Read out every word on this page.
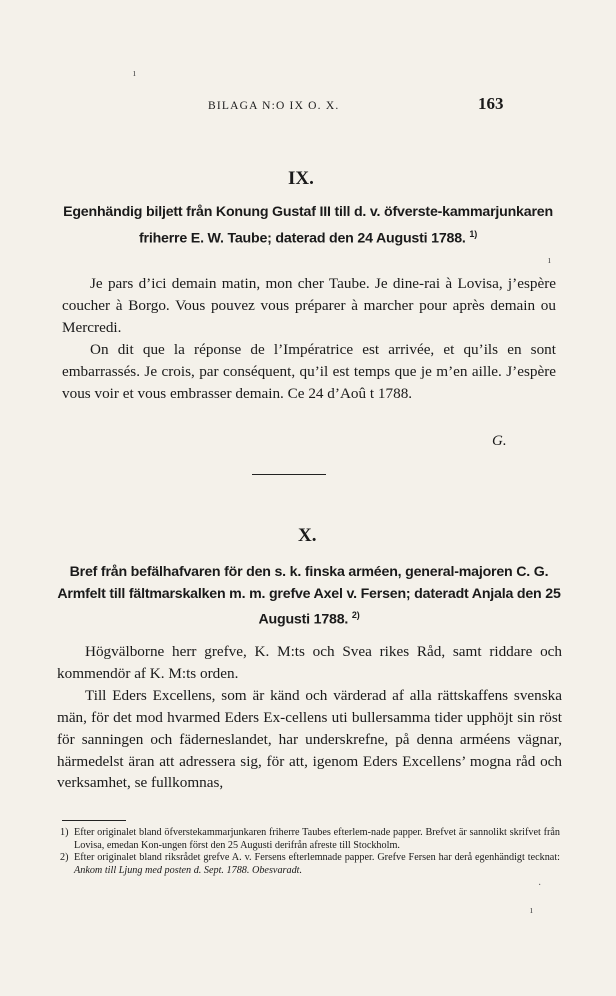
ı
BILAGA N:O IX O. X.	163
IX.
Egenhändig biljett från Konung Gustaf III till d. v. öfverste-kammarjunkaren friherre E. W. Taube; daterad den 24 Augusti 1788. $^{1)}$

Je pars d’ici demain matin, mon cher Taube. Je dine-rai à Lovisa, j’espère coucher à Borgo. Vous pouvez vous préparer à marcher pour après demain ou Mercredi.

On dit que la réponse de l’Impératrice est arrivée, et qu’ils en sont embarrassés. Je crois, par conséquent, qu’il est temps que je m’en aille. J’espère vous voir et vous embrasser demain. Ce 24 d’Aoû t 1788.

G.
X.
Bref från befälhafvaren för den s. k. finska arméen, general-majoren C. G. Armfelt till fältmarskalken m. m. grefve Axel v. Fersen; dateradt Anjala den 25 Augusti 1788. $^{2)}$

Högvälborne herr grefve, K. M:ts och Svea rikes Råd, samt riddare och kommendör af K. M:ts orden.

Till Eders Excellens, som är känd och värderad af alla rättskaffens svenska män, för det mod hvarmed Eders Ex-cellens uti bullersamma tider upphöjt sin röst för sanningen och fäderneslandet, har underskrefne, på denna arméens vägnar, härmedelst äran att adressera sig, för att, igenom Eders Excellens’ mogna råd och verksamhet, se fullkomnas,

1) Efter originalet bland öfverstekammarjunkaren friherre Taubes efterlem-nade papper. Brefvet är sannolikt skrifvet från Lovisa, emedan Kon-ungen först den 25 Augusti derifrån afreste till Stockholm.
2) Efter originalet bland riksrådet grefve A. v. Fersens efterlemnade papper. Grefve Fersen har derå egenhändigt tecknat: Ankom till Ljung med posten d. Sept. 1788. Obesvaradt.
ı
·
ı
